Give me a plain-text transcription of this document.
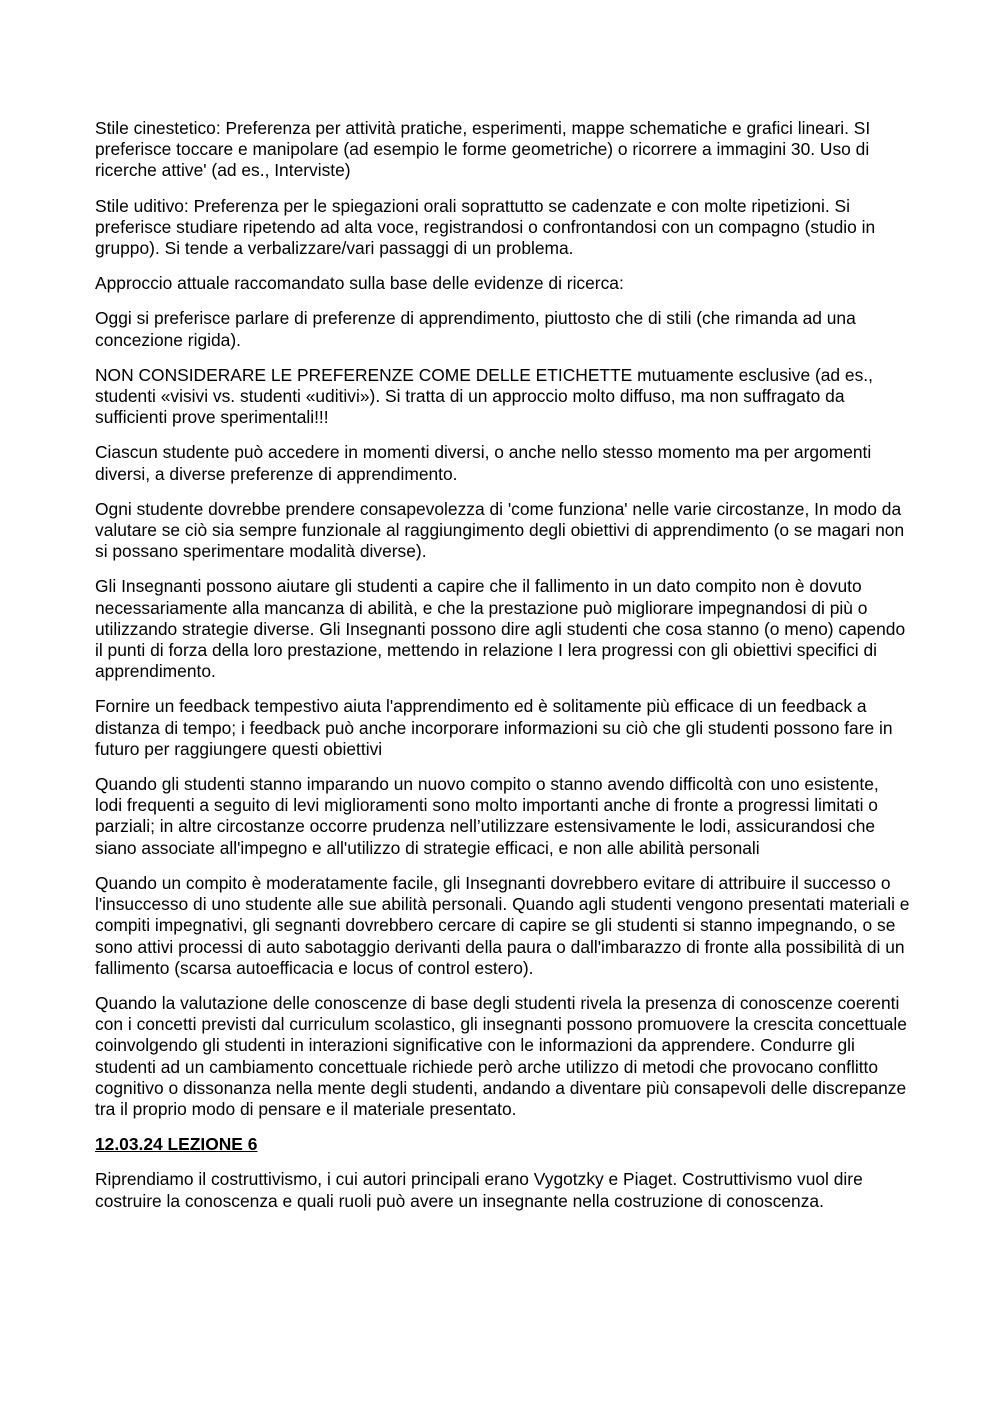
Stile cinestetico: Preferenza per attività pratiche, esperimenti, mappe schematiche e grafici lineari. SI preferisce toccare e manipolare (ad esempio le forme geometriche) o ricorrere a immagini 30. Uso di ricerche attive' (ad es., Interviste)

Stile uditivo: Preferenza per le spiegazioni orali soprattutto se cadenzate e con molte ripetizioni. Si preferisce studiare ripetendo ad alta voce, registrandosi o confrontandosi con un compagno (studio in gruppo). Si tende a verbalizzare/vari passaggi di un problema.

Approccio attuale raccomandato sulla base delle evidenze di ricerca:

Oggi si preferisce parlare di preferenze di apprendimento, piuttosto che di stili (che rimanda ad una concezione rigida).

NON CONSIDERARE LE PREFERENZE COME DELLE ETICHETTE mutuamente esclusive (ad es., studenti «visivi vs. studenti «uditivi»). Si tratta di un approccio molto diffuso, ma non suffragato da sufficienti prove sperimentali!!!

Ciascun studente può accedere in momenti diversi, o anche nello stesso momento ma per argomenti diversi, a diverse preferenze di apprendimento.

Ogni studente dovrebbe prendere consapevolezza di 'come funziona' nelle varie circostanze, In modo da valutare se ciò sia sempre funzionale al raggiungimento degli obiettivi di apprendimento (o se magari non si possano sperimentare modalità diverse).

Gli Insegnanti possono aiutare gli studenti a capire che il fallimento in un dato compito non è dovuto necessariamente alla mancanza di abilità, e che la prestazione può migliorare impegnandosi di più o utilizzando strategie diverse. Gli Insegnanti possono dire agli studenti che cosa stanno (o meno) capendo il punti di forza della loro prestazione, mettendo in relazione I lera progressi con gli obiettivi specifici di apprendimento.

Fornire un feedback tempestivo aiuta l'apprendimento ed è solitamente più efficace di un feedback a distanza di tempo; i feedback può anche incorporare informazioni su ciò che gli studenti possono fare in futuro per raggiungere questi obiettivi

Quando gli studenti stanno imparando un nuovo compito o stanno avendo difficoltà con uno esistente, lodi frequenti a seguito di levi miglioramenti sono molto importanti anche di fronte a progressi limitati o parziali; in altre circostanze occorre prudenza nell’utilizzare estensivamente le lodi, assicurandosi che siano associate all'impegno e all'utilizzo di strategie efficaci, e non alle abilità personali

Quando un compito è moderatamente facile, gli Insegnanti dovrebbero evitare di attribuire il successo o l'insuccesso di uno studente alle sue abilità personali. Quando agli studenti vengono presentati materiali e compiti impegnativi, gli segnanti dovrebbero cercare di capire se gli studenti si stanno impegnando, o se sono attivi processi di auto sabotaggio derivanti della paura o dall'imbarazzo di fronte alla possibilità di un fallimento (scarsa autoefficacia e locus of control estero).

Quando la valutazione delle conoscenze di base degli studenti rivela la presenza di conoscenze coerenti con i concetti previsti dal curriculum scolastico, gli insegnanti possono promuovere la crescita concettuale coinvolgendo gli studenti in interazioni significative con le informazioni da apprendere. Condurre gli studenti ad un cambiamento concettuale richiede però arche utilizzo di metodi che provocano conflitto cognitivo o dissonanza nella mente degli studenti, andando a diventare più consapevoli delle discrepanze tra il proprio modo di pensare e il materiale presentato.

12.03.24 LEZIONE 6

Riprendiamo il costruttivismo, i cui autori principali erano Vygotzky e Piaget. Costruttivismo vuol dire costruire la conoscenza e quali ruoli può avere un insegnante nella costruzione di conoscenza.
